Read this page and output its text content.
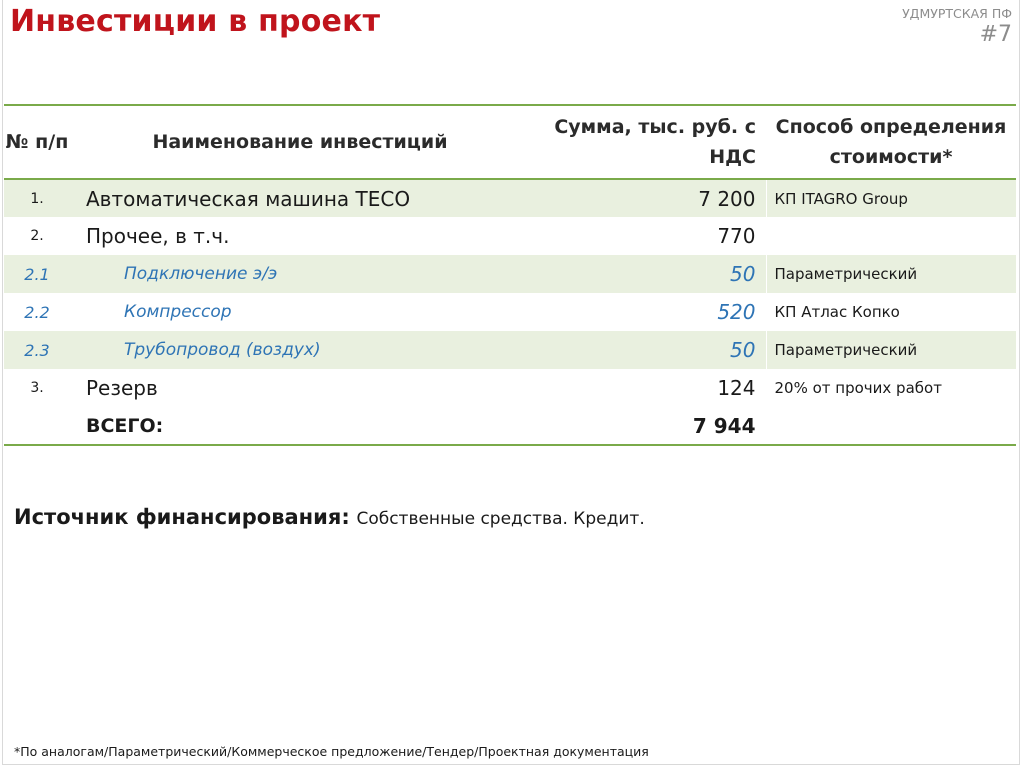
Инвестиции в проект	УДМУРТСКАЯ ПФ
#7
№ п/п	Наименование инвестиций	Сумма, тыс. руб. с НДС	Способ определения стоимости*
1.	Автоматическая машина TECO	7 200	КП ITAGRO Group
2.	Прочее, в т.ч.	770	
2.1	Подключение э/э	50	Параметрический
2.2	Компрессор	520	КП Атлас Копко
2.3	Трубопровод (воздух)	50	Параметрический
3.	Резерв	124	20% от прочих работ
	ВСЕГО:	7 944	
Источник финансирования: Собственные средства. Кредит.
*По аналогам/Параметрический/Коммерческое предложение/Тендер/Проектная документация
